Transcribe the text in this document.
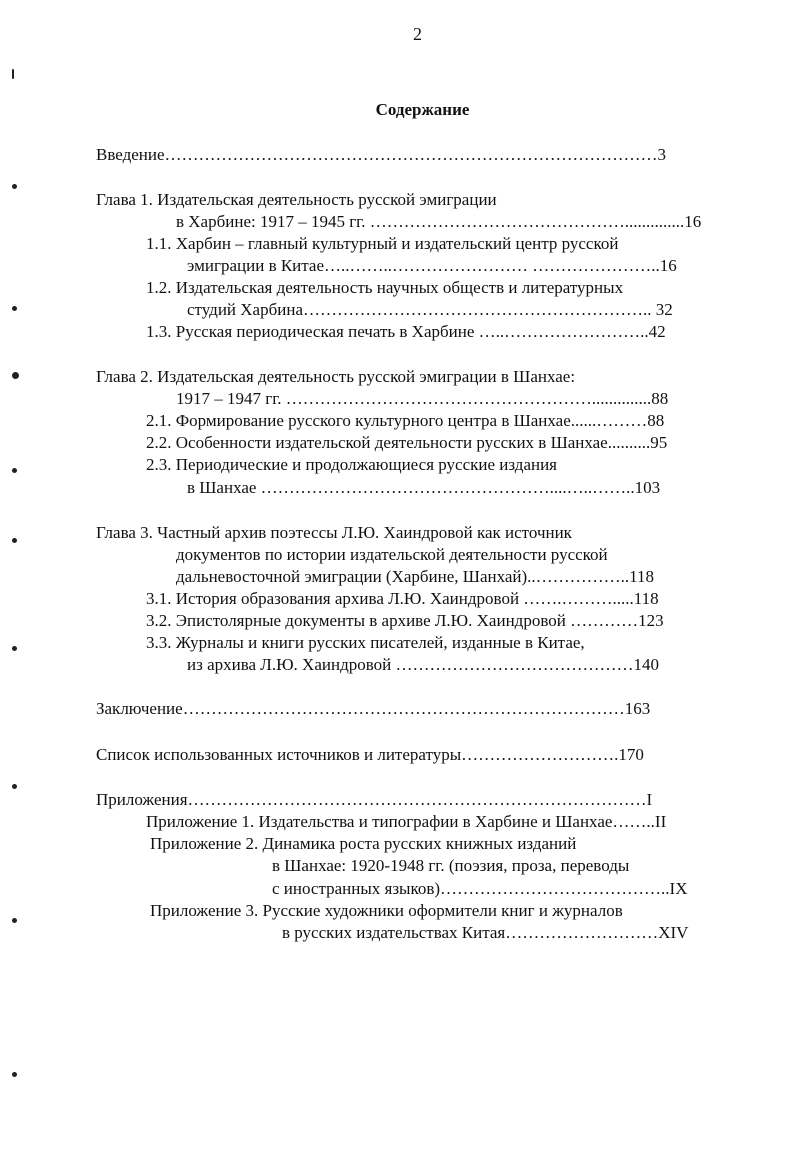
2
Содержание
Введение……………………………………………………………………………3
Глава 1. Издательская деятельность русской эмиграции
в Харбине: 1917 – 1945 гг. ………………………………………..............16
1.1. Харбин – главный культурный и издательский центр русской
эмиграции в Китае…..……..…………………… …………………..16
1.2. Издательская деятельность научных обществ и литературных
студий Харбина…………………………………………………….. 32
1.3. Русская периодическая печать в Харбине …..……………………..42
Глава 2. Издательская деятельность русской эмиграции в Шанхае:
1917 – 1947 гг. ………………………………………………..............88
2.1. Формирование русского культурного центра в Шанхае......………88
2.2. Особенности издательской деятельности русских в Шанхае..........95
2.3. Периодические и продолжающиеся русские издания
в Шанхае ……………………………………………....…..……..103
Глава 3. Частный архив поэтессы Л.Ю. Хаиндровой как источник
документов по истории издательской деятельности русской
дальневосточной эмиграции (Харбине, Шанхай)..……………..118
3.1. История образования архива Л.Ю. Хаиндровой …….……….....118
3.2. Эпистолярные документы в архиве Л.Ю. Хаиндровой …………123
3.3. Журналы и книги русских писателей, изданные в Китае,
из архива Л.Ю. Хаиндровой ……………………………………140
Заключение……………………………………………………………………163
Список использованных источников и литературы……………………….170
Приложения………………………………………………………………………I
Приложение 1. Издательства и типографии в Харбине и Шанхае……..II
Приложение 2. Динамика роста русских книжных изданий
в Шанхае: 1920-1948 гг. (поэзия, проза, переводы
с иностранных языков)…………………………………..IX
Приложение 3. Русские художники оформители книг и журналов
в русских издательствах Китая………………………XIV
